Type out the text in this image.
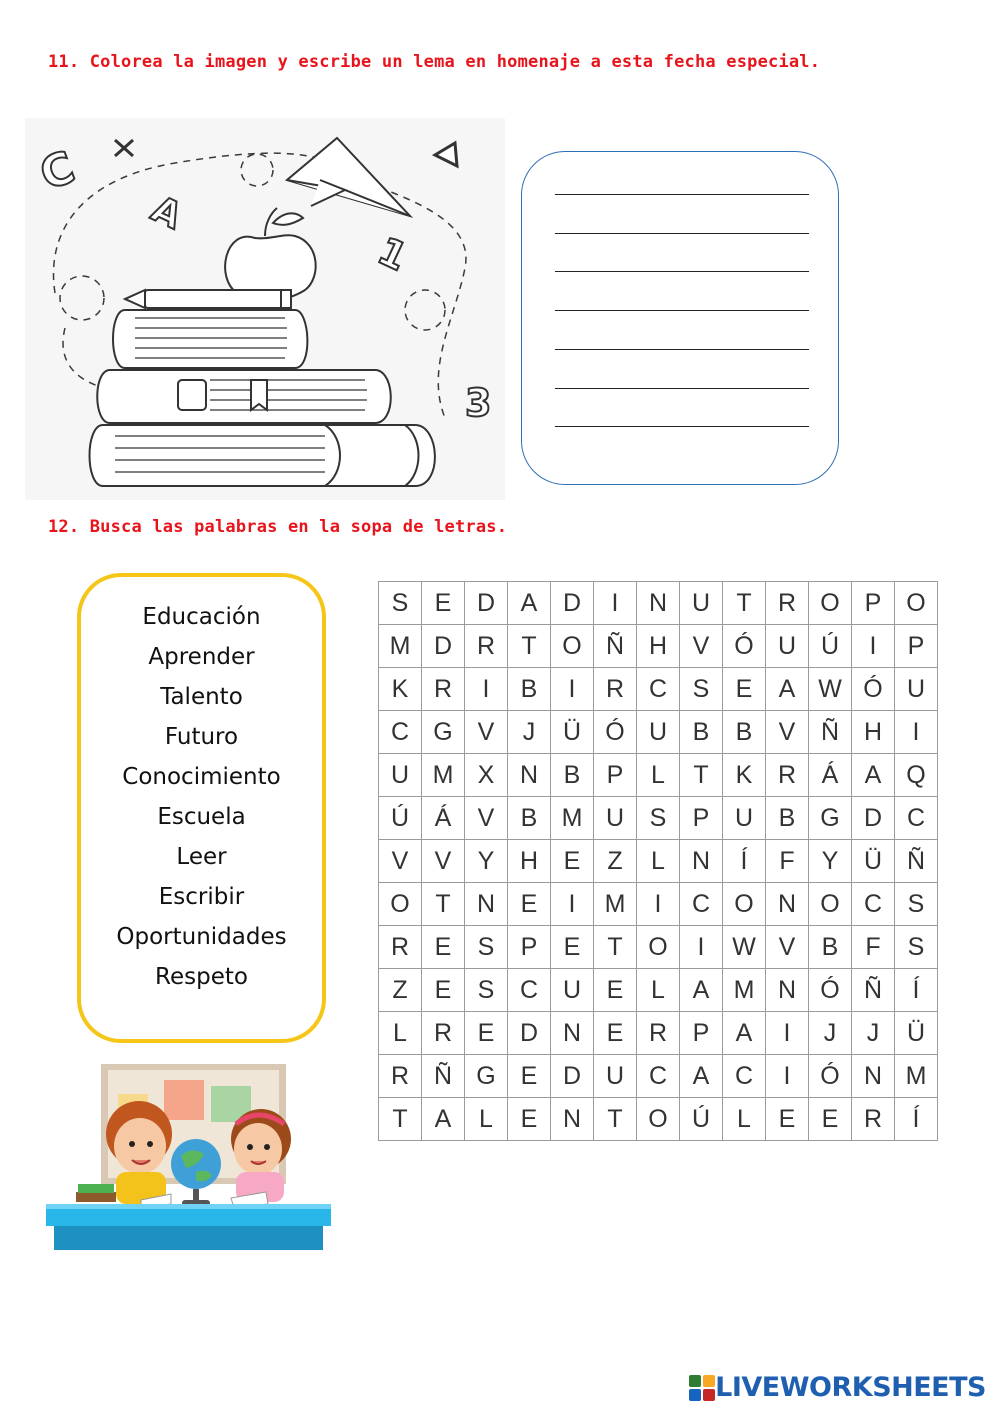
11. Colorea la imagen y escribe un lema en homenaje a esta fecha especial.
C
A
1
3
12. Busca las palabras en la sopa de letras.
Educación
Aprender
Talento
Futuro
Conocimiento
Escuela
Leer
Escribir
Oportunidades
Respeto
S	E	D	A	D	I	N	U	T	R	O	P	O
M	D	R	T	O	Ñ	H	V	Ó	U	Ú	I	P
K	R	I	B	I	R	C	S	E	A	W	Ó	U
C	G	V	J	Ü	Ó	U	B	B	V	Ñ	H	I
U	M	X	N	B	P	L	T	K	R	Á	A	Q
Ú	Á	V	B	M	U	S	P	U	B	G	D	C
V	V	Y	H	E	Z	L	N	Í	F	Y	Ü	Ñ
O	T	N	E	I	M	I	C	O	N	O	C	S
R	E	S	P	E	T	O	I	W	V	B	F	S
Z	E	S	C	U	E	L	A	M	N	Ó	Ñ	Í
L	R	E	D	N	E	R	P	A	I	J	J	Ü
R	Ñ	G	E	D	U	C	A	C	I	Ó	N	M
T	A	L	E	N	T	O	Ú	L	E	E	R	Í
LIVEWORKSHEETS
